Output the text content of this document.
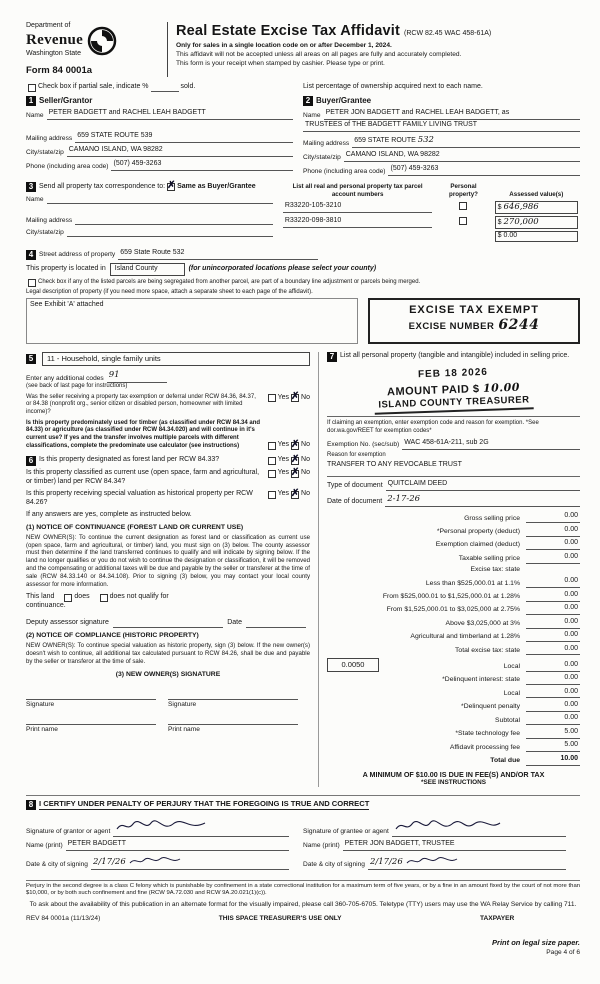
Department of
Revenue
Washington State
Form 84 0001a
Real Estate Excise Tax Affidavit (RCW 82.45 WAC 458-61A)
Only for sales in a single location code on or after December 1, 2024.
This affidavit will not be accepted unless all areas on all pages are fully and accurately completed.
This form is your receipt when stamped by cashier. Please type or print.
Check box if partial sale, indicate %	sold.	List percentage of ownership acquired next to each name.
1 Seller/Grantor
Name PETER BADGETT and RACHEL LEAH BADGETT
Mailing address 659 STATE ROUTE 539
City/state/zip CAMANO ISLAND, WA 98282
Phone (including area code) (507) 459-3263
2 Buyer/Grantee
Name PETER JON BADGETT and RACHEL LEAH BADGETT, as
TRUSTEES of THE BADGETT FAMILY LIVING TRUST
Mailing address 659 STATE ROUTE 532
City/state/zip CAMANO ISLAND, WA 98282
Phone (including area code) (507) 459-3263
3 Send all property tax correspondence to: ✗ Same as Buyer/Grantee
Name
Mailing address
City/state/zip
List all real and personal property tax parcel account numbers	Personal property?	Assessed value(s)

R33220-105-3210		$ 646,986

R33220-098-3810		$ 270,000

		$ 0.00
4 Street address of property 659 State Route 532
This property is located in	Island County	(for unincorporated locations please select your county)
Check box if any of the listed parcels are being segregated from another parcel, are part of a boundary line adjustment or parcels being merged.
Legal description of property (if you need more space, attach a separate sheet to each page of the affidavit).
See Exhibit 'A' attached	EXCISE TAX EXEMPT
EXCISE NUMBER 6244
5	11 - Household, single family units
Enter any additional codes 91
(see back of last page for instructions)
Was the seller receiving a property tax exemption or deferral under RCW 84.36, 84.37, or 84.38 (nonprofit org., senior citizen or disabled person, homeowner with limited income)?
Yes ✗ No
Is this property predominately used for timber (as classified under RCW 84.34 and 84.33) or agriculture (as classified under RCW 84.34.020) and will continue in it's current use? If yes and the transfer involves multiple parcels with different classifications, complete the predominate use calculator (see instructions)	Yes ✗ No
6 Is this property designated as forest land per RCW 84.33?	Yes ✗ No
Is this property classified as current use (open space, farm and agricultural, or timber) land per RCW 84.34?
Yes ✗ No
Is this property receiving special valuation as historical property per RCW 84.26?
Yes ✗ No
If any answers are yes, complete as instructed below.
(1) NOTICE OF CONTINUANCE (FOREST LAND OR CURRENT USE)
NEW OWNER(S): To continue the current designation as forest land or classification as current use (open space, farm and agricultural, or timber) land, you must sign on (3) below. The county assessor must then determine if the land transferred continues to qualify and will indicate by signing below. If the land no longer qualifies or you do not wish to continue the designation or classification, it will be removed and the compensating or additional taxes will be due and payable by the seller or transferer at the time of sale (RCW 84.33.140 or 84.34.108). Prior to signing (3) below, you may contact your local county assessor for more information.
This land	does	does not qualify for
continuance.
Deputy assessor signature	Date
(2) NOTICE OF COMPLIANCE (HISTORIC PROPERTY)
NEW OWNER(S): To continue special valuation as historic property, sign (3) below. If the new owner(s) doesn't wish to continue, all additional tax calculated pursuant to RCW 84.26, shall be due and payable by the seller or transferor at the time of sale.
(3) NEW OWNER(S) SIGNATURE
Signature	Signature
Print name	Print name
7 List all personal property (tangible and intangible) included in selling price.
FEB 18 2026
AMOUNT PAID $ 10.00
ISLAND COUNTY TREASURER
If claiming an exemption, enter exemption code and reason for exemption. *See dor.wa.gov/REET for exemption codes*
Exemption No. (sec/sub) WAC 458-61A-211, sub 2G
Reason for exemption
TRANSFER TO ANY REVOCABLE TRUST
Type of document QUITCLAIM DEED
Date of document 2-17-26
Gross selling price	0.00
*Personal property (deduct)	0.00
Exemption claimed (deduct)	0.00
Taxable selling price	0.00
Excise tax: state
Less than $525,000.01 at 1.1%	0.00
From $525,000.01 to $1,525,000.01 at 1.28%	0.00
From $1,525,000.01 to $3,025,000 at 2.75%	0.00
Above $3,025,000 at 3%	0.00
Agricultural and timberland at 1.28%	0.00
Total excise tax: state	0.00
0.0050	Local	0.00
*Delinquent interest: state	0.00
Local	0.00
*Delinquent penalty	0.00
Subtotal	0.00
*State technology fee	5.00
Affidavit processing fee	5.00
Total due	10.00
A MINIMUM OF $10.00 IS DUE IN FEE(S) AND/OR TAX
*SEE INSTRUCTIONS
8 I CERTIFY UNDER PENALTY OF PERJURY THAT THE FOREGOING IS TRUE AND CORRECT
Signature of grantor or agent
Name (print) PETER BADGETT
Date & city of signing 2/17/26
Signature of grantee or agent
Name (print) PETER JON BADGETT, TRUSTEE
Date & city of signing 2/17/26
Perjury in the second degree is a class C felony which is punishable by confinement in a state correctional institution for a maximum term of five years, or by a fine in an amount fixed by the court of not more than $10,000, or by both such confinement and fine (RCW 9A.72.030 and RCW 9A.20.021(1)(c)).
To ask about the availability of this publication in an alternate format for the visually impaired, please call 360-705-6705. Teletype (TTY) users may use the WA Relay Service by calling 711.
REV 84 0001a (11/13/24)	THIS SPACE TREASURER'S USE ONLY	TAXPAYER
Print on legal size paper.
Page 4 of 6
